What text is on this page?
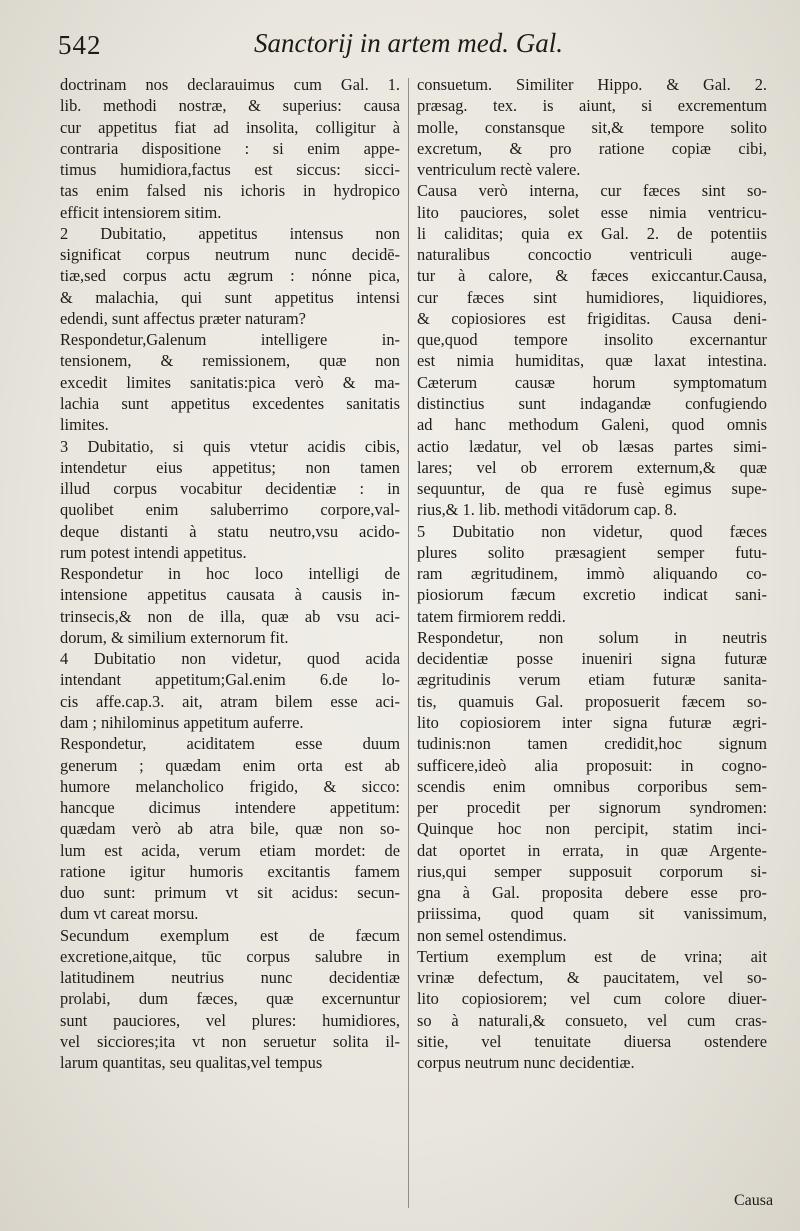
542	Sanctorij in artem med. Gal.
doctrinam nos declarauimus cum Gal. 1.
lib. methodi nostræ, & superius: causa
cur appetitus fiat ad insolita, colligitur à
contraria dispositione : si enim appe-
timus humidiora,factus est siccus: sicci-
tas enim falsed nis ichoris in hydropico
efficit intensiorem sitim.
2 Dubitatio, appetitus intensus non
significat corpus neutrum nunc decidē-
tiæ,sed corpus actu ægrum : nónne pica,
& malachia, qui sunt appetitus intensi
edendi, sunt affectus præter naturam?
Respondetur,Galenum intelligere in-
tensionem, & remissionem, quæ non
excedit limites sanitatis:pica verò & ma-
lachia sunt appetitus excedentes sanitatis
limites.
3 Dubitatio, si quis vtetur acidis cibis,
intendetur eius appetitus; non tamen
illud corpus vocabitur decidentiæ : in
quolibet enim saluberrimo corpore,val-
deque distanti à statu neutro,vsu acido-
rum potest intendi appetitus.
Respondetur in hoc loco intelligi de
intensione appetitus causata à causis in-
trinsecis,& non de illa, quæ ab vsu aci-
dorum, & similium externorum fit.
4 Dubitatio non videtur, quod acida
intendant appetitum;Gal.enim 6.de lo-
cis affe.cap.3. ait, atram bilem esse aci-
dam ; nihilominus appetitum auferre.
Respondetur, aciditatem esse duum
generum ; quædam enim orta est ab
humore melancholico frigido, & sicco:
hancque dicimus intendere appetitum:
quædam verò ab atra bile, quæ non so-
lum est acida, verum etiam mordet: de
ratione igitur humoris excitantis famem
duo sunt: primum vt sit acidus: secun-
dum vt careat morsu.
Secundum exemplum est de fæcum
excretione,aitque, tūc corpus salubre in
latitudinem neutrius nunc decidentiæ
prolabi, dum fæces, quæ excernuntur
sunt pauciores, vel plures: humidiores,
vel sicciores;ita vt non seruetur solita il-
larum quantitas, seu qualitas,vel tempus
consuetum. Similiter Hippo. & Gal. 2.
præsag. tex. is aiunt, si excrementum
molle, constansque sit,& tempore solito
excretum, & pro ratione copiæ cibi,
ventriculum rectè valere.
Causa verò interna, cur fæces sint so-
lito pauciores, solet esse nimia ventricu-
li caliditas; quia ex Gal. 2. de potentiis
naturalibus concoctio ventriculi auge-
tur à calore, & fæces exiccantur.Causa,
cur fæces sint humidiores, liquidiores,
& copiosiores est frigiditas. Causa deni-
que,quod tempore insolito excernantur
est nimia humiditas, quæ laxat intestina.
Cæterum causæ horum symptomatum
distinctius sunt indagandæ confugiendo
ad hanc methodum Galeni, quod omnis
actio lædatur, vel ob læsas partes simi-
lares; vel ob errorem externum,& quæ
sequuntur, de qua re fusè egimus supe-
rius,& 1. lib. methodi vitādorum cap. 8.
5 Dubitatio non videtur, quod fæces
plures solito præsagient semper futu-
ram ægritudinem, immò aliquando co-
piosiorum fæcum excretio indicat sani-
tatem firmiorem reddi.
Respondetur, non solum in neutris
decidentiæ posse inueniri signa futuræ
ægritudinis verum etiam futuræ sanita-
tis, quamuis Gal. proposuerit fæcem so-
lito copiosiorem inter signa futuræ ægri-
tudinis:non tamen credidit,hoc signum
sufficere,ideò alia proposuit: in cogno-
scendis enim omnibus corporibus sem-
per procedit per signorum syndromen:
Quinque hoc non percipit, statim inci-
dat oportet in errata, in quæ Argente-
rius,qui semper supposuit corporum si-
gna à Gal. proposita debere esse pro-
priissima, quod quam sit vanissimum,
non semel ostendimus.
Tertium exemplum est de vrina; ait
vrinæ defectum, & paucitatem, vel so-
lito copiosiorem; vel cum colore diuer-
so à naturali,& consueto, vel cum cras-
sitie, vel tenuitate diuersa ostendere
corpus neutrum nunc decidentiæ.
Causa
